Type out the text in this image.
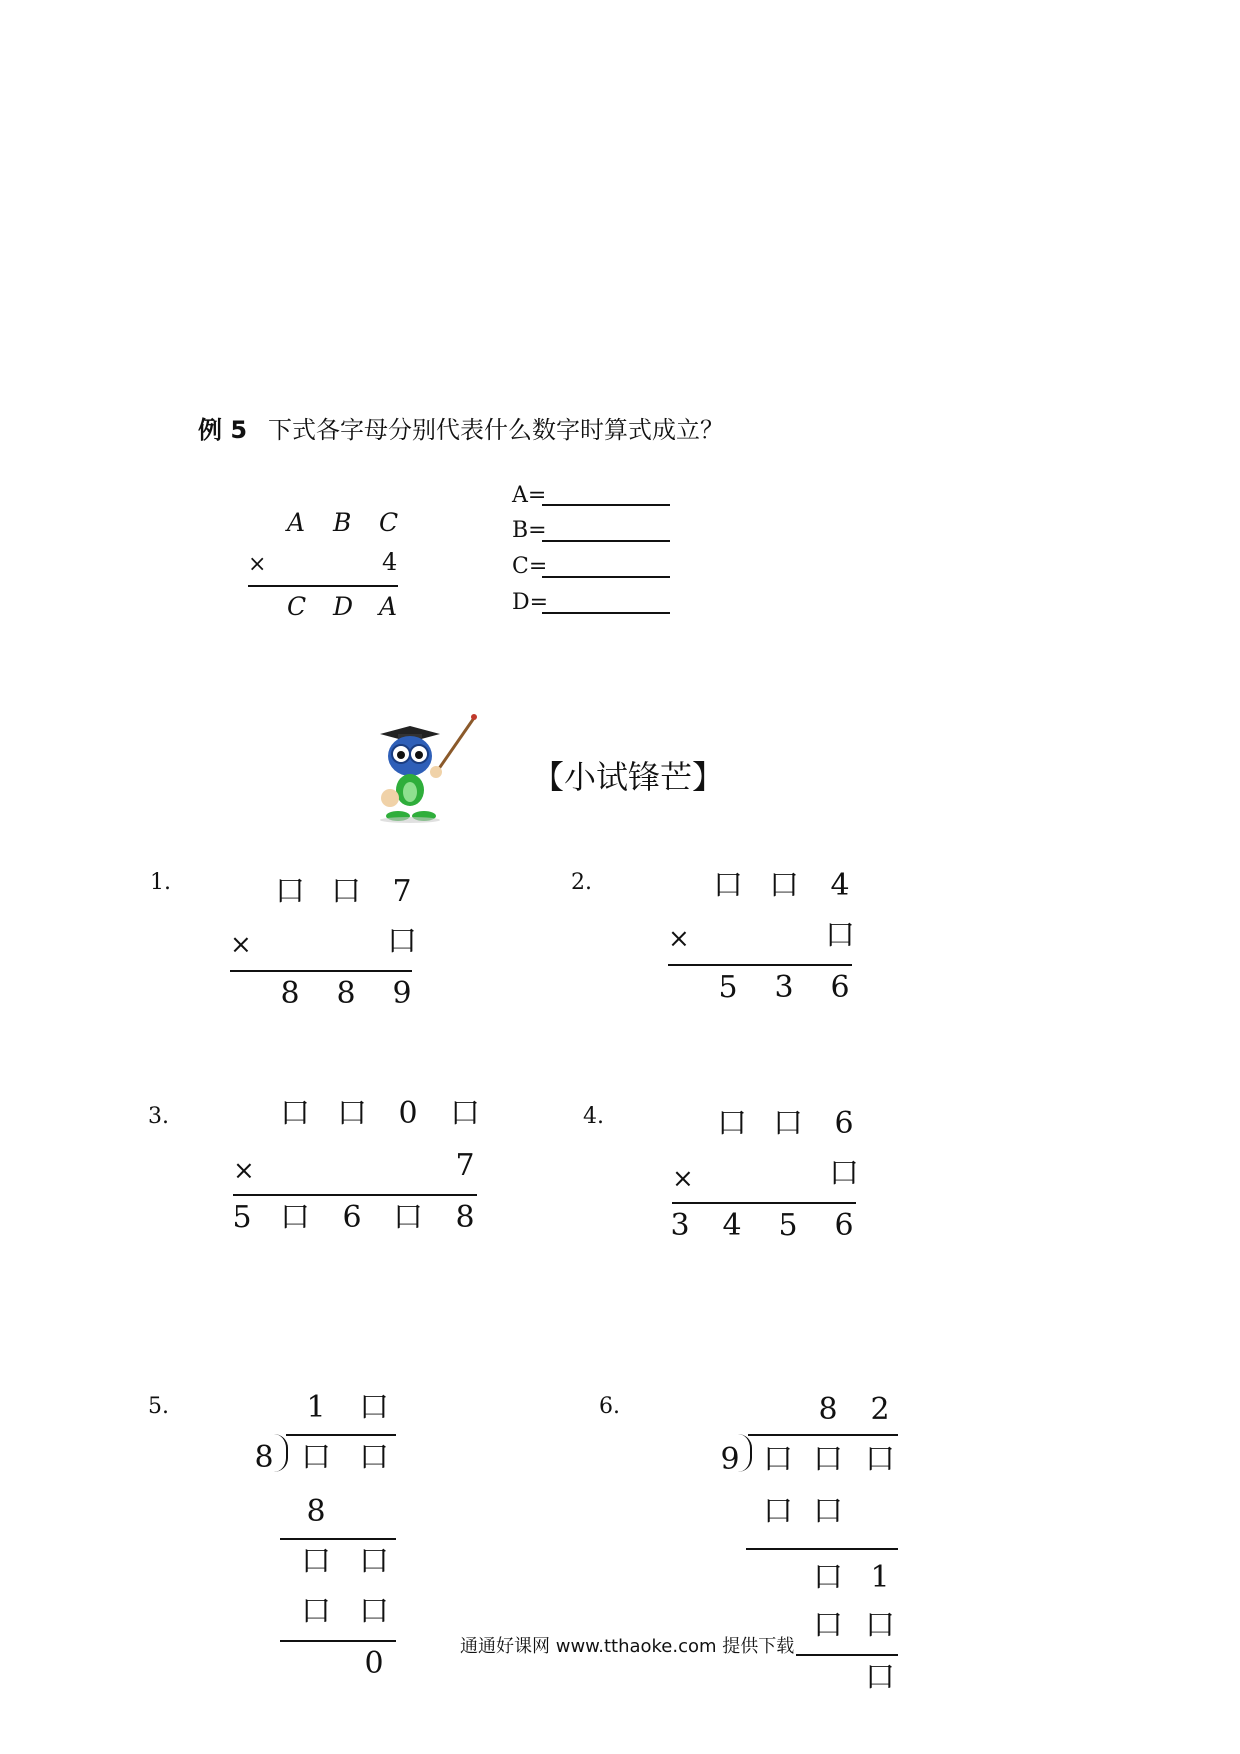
例 5 下式各字母分别代表什么数字时算式成立？
A B C
×	4
C D A
A=
B=
C=
D=
【小试锋芒】
1.	口 口	7
×	口
8	8	9
2.	口 口	4
×	口
5	3	6
3.	口 口	0	口
×	7
5 口	6	口	8
4.	口 口	6
×	口
3	4	5	6
5.	1	口
8 口 口
8
口 口
口 口
0
6.	8	2
9 口 口 口
口 口
口 1
口 口
口
通通好课网 www.tthaoke.com 提供下载
